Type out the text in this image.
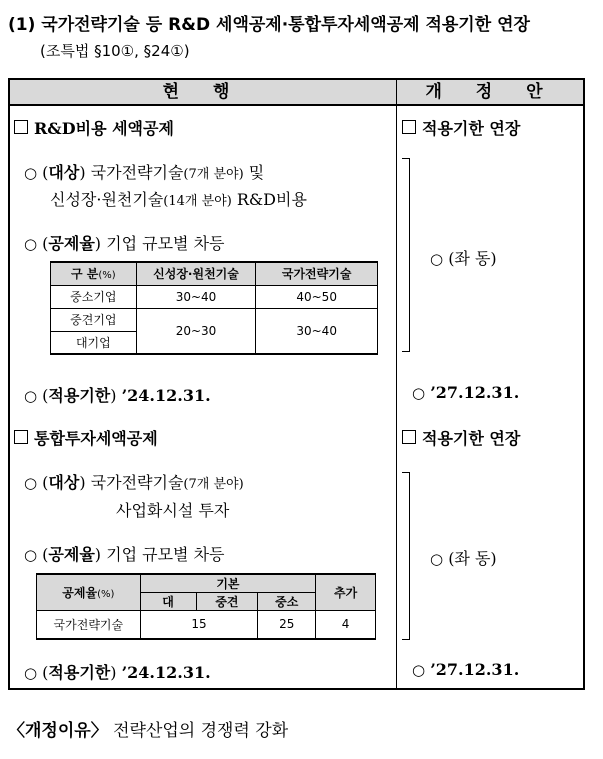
(1) 국가전략기술 등 R&D 세액공제·통합투자세액공제 적용기한 연장
(조특법 §10①, §24①)
현 행	개 정 안
R&D비용 세액공제
○ (대상) 국가전략기술(7개 분야) 및
신성장·원천기술(14개 분야) R&D비용
○ (공제율) 기업 규모별 차등
구 분(%)	신성장·원천기술	국가전략기술
중소기업	30~40	40~50
중견기업	20~30	30~40
대기업		
○ (적용기한) ’24.12.31.
적용기한 연장
○ (좌 동)
○ ’27.12.31.
통합투자세액공제
○ (대상) 국가전략기술(7개 분야)
사업화시설 투자
○ (공제율) 기업 규모별 차등
공제율(%)	기본			추가
	대	중견	중소	
국가전략기술	15		25	4
○ (적용기한) ’24.12.31.
적용기한 연장
○ (좌 동)
○ ’27.12.31.
〈개정이유〉 전략산업의 경쟁력 강화
